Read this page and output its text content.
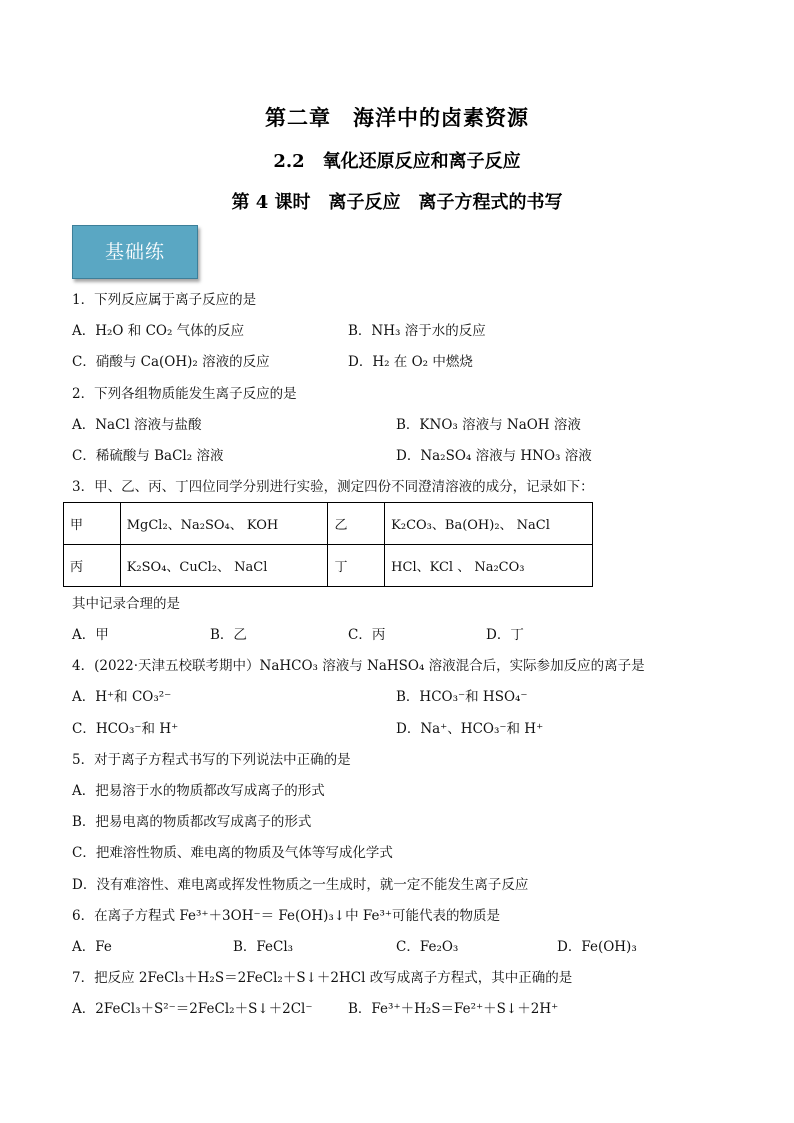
第二章　海洋中的卤素资源
2.2　氧化还原反应和离子反应
第 4 课时　离子反应　离子方程式的书写
基础练
1．下列反应属于离子反应的是
A．H₂O 和 CO₂ 气体的反应	B．NH₃ 溶于水的反应
C．硝酸与 Ca(OH)₂ 溶液的反应	D．H₂ 在 O₂ 中燃烧
2．下列各组物质能发生离子反应的是
A．NaCl 溶液与盐酸	B．KNO₃ 溶液与 NaOH 溶液
C．稀硫酸与 BaCl₂ 溶液	D．Na₂SO₄ 溶液与 HNO₃ 溶液
3．甲、乙、丙、丁四位同学分别进行实验，测定四份不同澄清溶液的成分，记录如下：
甲	MgCl₂、Na₂SO₄、 KOH	乙	K₂CO₃、Ba(OH)₂、 NaCl
丙	K₂SO₄、CuCl₂、 NaCl	丁	HCl、KCl 、 Na₂CO₃
其中记录合理的是
A．甲	B．乙	C．丙	D．丁
4．(2022·天津五校联考期中）NaHCO₃ 溶液与 NaHSO₄ 溶液混合后，实际参加反应的离子是
A．H⁺和 CO₃²⁻	B．HCO₃⁻和 HSO₄⁻
C．HCO₃⁻和 H⁺	D．Na⁺、HCO₃⁻和 H⁺
5．对于离子方程式书写的下列说法中正确的是
A．把易溶于水的物质都改写成离子的形式
B．把易电离的物质都改写成离子的形式
C．把难溶性物质、难电离的物质及气体等写成化学式
D．没有难溶性、难电离或挥发性物质之一生成时，就一定不能发生离子反应
6．在离子方程式 Fe³⁺＋3OH⁻＝ Fe(OH)₃↓中 Fe³⁺可能代表的物质是
A．Fe	B．FeCl₃	C．Fe₂O₃	D．Fe(OH)₃
7．把反应 2FeCl₃＋H₂S＝2FeCl₂＋S↓＋2HCl 改写成离子方程式，其中正确的是
A．2FeCl₃＋S²⁻＝2FeCl₂＋S↓＋2Cl⁻	B．Fe³⁺＋H₂S＝Fe²⁺＋S↓＋2H⁺
